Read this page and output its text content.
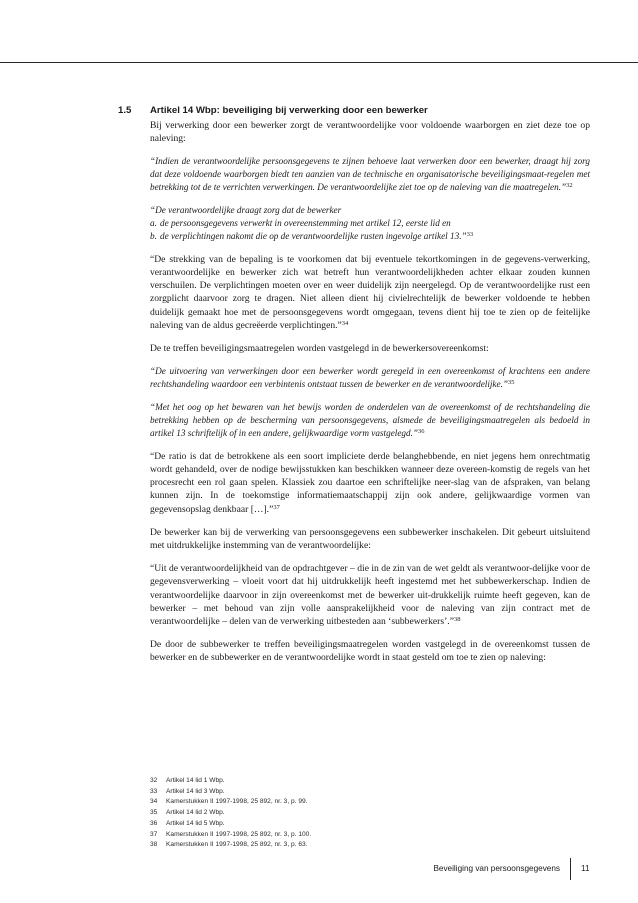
1.5	Artikel 14 Wbp: beveiliging bij verwerking door een bewerker

Bij verwerking door een bewerker zorgt de verantwoordelijke voor voldoende waarborgen en ziet deze toe op naleving:

“Indien de verantwoordelijke persoonsgegevens te zijnen behoeve laat verwerken door een bewerker, draagt hij zorg dat deze voldoende waarborgen biedt ten aanzien van de technische en organisatorische beveiligingsmaat-regelen met betrekking tot de te verrichten verwerkingen. De verantwoordelijke ziet toe op de naleving van die maatregelen.”$^{32}$

“De verantwoordelijke draagt zorg dat de bewerker
a. de persoonsgegevens verwerkt in overeenstemming met artikel 12, eerste lid en
b. de verplichtingen nakomt die op de verantwoordelijke rusten ingevolge artikel 13.”$^{33}$

“De strekking van de bepaling is te voorkomen dat bij eventuele tekortkomingen in de gegevens-verwerking, verantwoordelijke en bewerker zich wat betreft hun verantwoordelijkheden achter elkaar zouden kunnen verschuilen. De verplichtingen moeten over en weer duidelijk zijn neergelegd. Op de verantwoordelijke rust een zorgplicht daarvoor zorg te dragen. Niet alleen dient hij civielrechtelijk de bewerker voldoende te hebben duidelijk gemaakt hoe met de persoonsgegevens wordt omgegaan, tevens dient hij toe te zien op de feitelijke naleving van de aldus gecreëerde verplichtingen.”$^{34}$

De te treffen beveiligingsmaatregelen worden vastgelegd in de bewerkersovereenkomst:

“De uitvoering van verwerkingen door een bewerker wordt geregeld in een overeenkomst of krachtens een andere rechtshandeling waardoor een verbintenis ontstaat tussen de bewerker en de verantwoordelijke.”$^{35}$

“Met het oog op het bewaren van het bewijs worden de onderdelen van de overeenkomst of de rechtshandeling die betrekking hebben op de bescherming van persoonsgegevens, alsmede de beveiligingsmaatregelen als bedoeld in artikel 13 schriftelijk of in een andere, gelijkwaardige vorm vastgelegd.”$^{36}$

“De ratio is dat de betrokkene als een soort impliciete derde belanghebbende, en niet jegens hem onrechtmatig wordt gehandeld, over de nodige bewijsstukken kan beschikken wanneer deze overeen-komstig de regels van het procesrecht een rol gaan spelen. Klassiek zou daartoe een schriftelijke neer-slag van de afspraken, van belang kunnen zijn. In de toekomstige informatiemaatschappij zijn ook andere, gelijkwaardige vormen van gegevensopslag denkbaar […].”$^{37}$

De bewerker kan bij de verwerking van persoonsgegevens een subbewerker inschakelen. Dit gebeurt uitsluitend met uitdrukkelijke instemming van de verantwoordelijke:

“Uit de verantwoordelijkheid van de opdrachtgever – die in de zin van de wet geldt als verantwoor-delijke voor de gegevensverwerking – vloeit voort dat hij uitdrukkelijk heeft ingestemd met het subbewerkerschap. Indien de verantwoordelijke daarvoor in zijn overeenkomst met de bewerker uit-drukkelijk ruimte heeft gegeven, kan de bewerker – met behoud van zijn volle aansprakelijkheid voor de naleving van zijn contract met de verantwoordelijke – delen van de verwerking uitbesteden aan ‘subbewerkers’.”$^{38}$

De door de subbewerker te treffen beveiligingsmaatregelen worden vastgelegd in de overeenkomst tussen de bewerker en de subbewerker en de verantwoordelijke wordt in staat gesteld om toe te zien op naleving:

32	Artikel 14 lid 1 Wbp.
33	Artikel 14 lid 3 Wbp.
34	Kamerstukken II 1997-1998, 25 892, nr. 3, p. 99.
35	Artikel 14 lid 2 Wbp.
36	Artikel 14 lid 5 Wbp.
37	Kamerstukken II 1997-1998, 25 892, nr. 3, p. 100.
38	Kamerstukken II 1997-1998, 25 892, nr. 3, p. 63.
Beveiliging van persoonsgegevens	11
